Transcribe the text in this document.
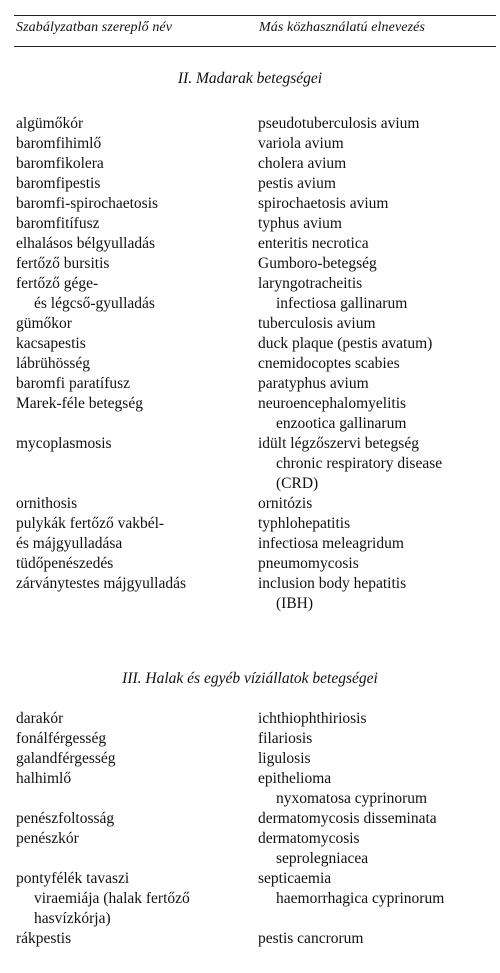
Szabályzatban szereplő név	Más közhasználatú elnevezés
II. Madarak betegségei
algümőkór	pseudotuberculosis avium
baromfihimlő	variola avium
baromfikolera	cholera avium
baromfipestis	pestis avium
baromfi-spirochaetosis	spirochaetosis avium
baromfitífusz	typhus avium
elhalásos bélgyulladás	enteritis necrotica
fertőző bursitis	Gumboro-betegség
fertőző gége-	laryngotracheitis
és légcső-gyulladás	infectiosa gallinarum
gümőkor	tuberculosis avium
kacsapestis	duck plaque (pestis avatum)
lábrühösség	cnemidocoptes scabies
baromfi paratífusz	paratyphus avium
Marek-féle betegség	neuroencephalomyelitis
enzootica gallinarum
mycoplasmosis	idült légzőszervi betegség
chronic respiratory disease
(CRD)
ornithosis	ornitózis
pulykák fertőző vakbél-	typhlohepatitis
és májgyulladása	infectiosa meleagridum
tüdőpenészedés	pneumomycosis
zárványtestes májgyulladás	inclusion body hepatitis
(IBH)
III. Halak és egyéb víziállatok betegségei
darakór	ichthiophthiriosis
fonálférgesség	filariosis
galandférgesség	ligulosis
halhimlő	epithelioma
nyxomatosa cyprinorum
penészfoltosság	dermatomycosis disseminata
penészkór	dermatomycosis
seprolegniacea
pontyfélék tavaszi	septicaemia
viraemiája (halak fertőző	haemorrhagica cyprinorum
hasvízkórja)
rákpestis	pestis cancrorum
